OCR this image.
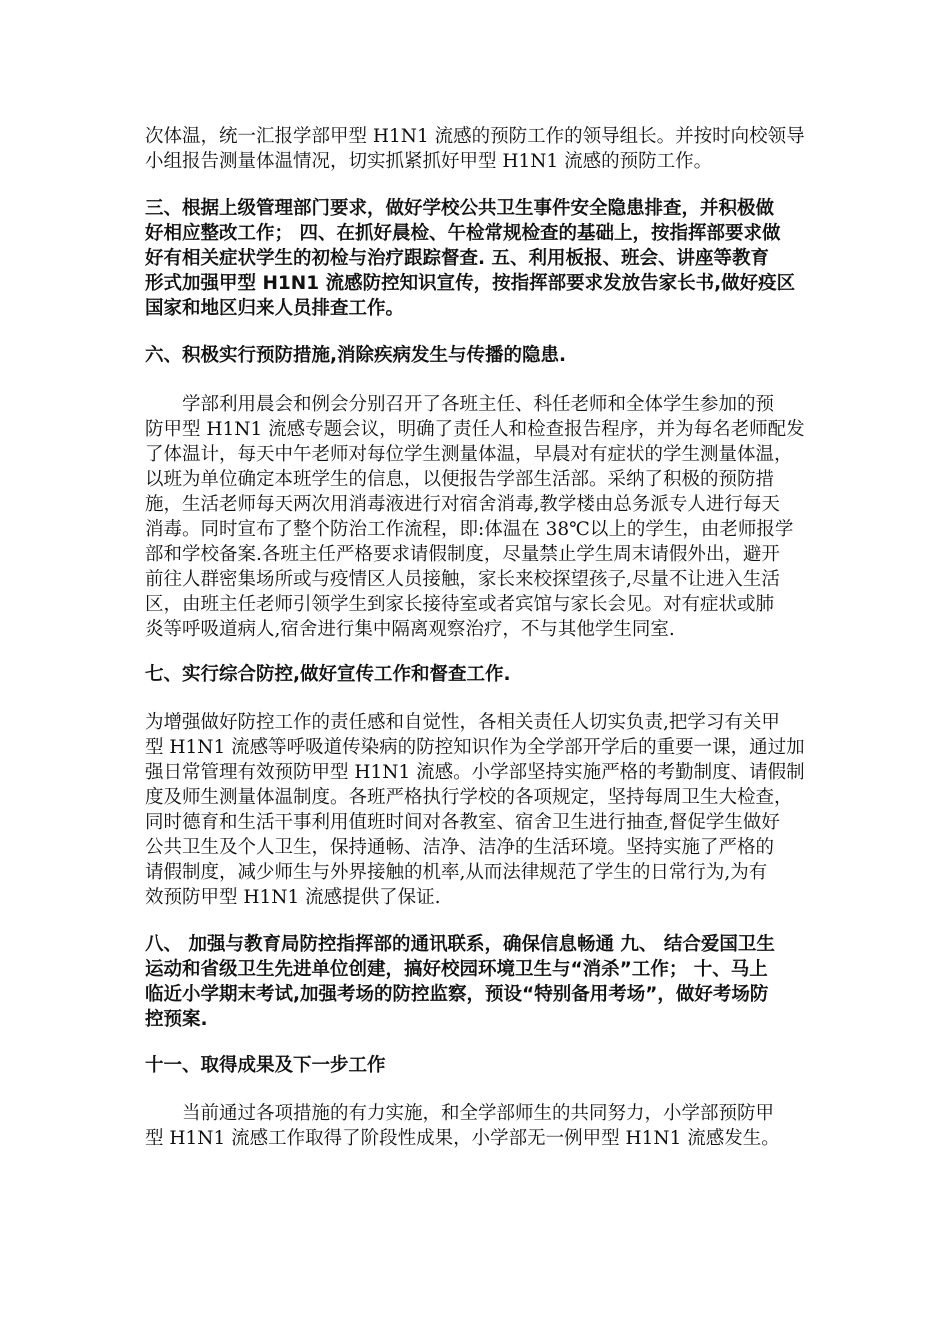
次体温，统一汇报学部甲型 H1N1 流感的预防工作的领导组长。并按时向校领导
小组报告测量体温情况，切实抓紧抓好甲型 H1N1 流感的预防工作。
三、根据上级管理部门要求，做好学校公共卫生事件安全隐患排查，并积极做
好相应整改工作； 四、在抓好晨检、午检常规检查的基础上，按指挥部要求做
好有相关症状学生的初检与治疗跟踪督查. 五、利用板报、班会、讲座等教育
形式加强甲型 H1N1 流感防控知识宣传，按指挥部要求发放告家长书,做好疫区
国家和地区归来人员排查工作。
六、积极实行预防措施,消除疾病发生与传播的隐患.
学部利用晨会和例会分别召开了各班主任、科任老师和全体学生参加的预
防甲型 H1N1 流感专题会议，明确了责任人和检查报告程序，并为每名老师配发
了体温计，每天中午老师对每位学生测量体温，早晨对有症状的学生测量体温，
以班为单位确定本班学生的信息，以便报告学部生活部。采纳了积极的预防措
施，生活老师每天两次用消毒液进行对宿舍消毒,教学楼由总务派专人进行每天
消毒。同时宣布了整个防治工作流程，即:体温在 38℃以上的学生，由老师报学
部和学校备案.各班主任严格要求请假制度，尽量禁止学生周末请假外出，避开
前往人群密集场所或与疫情区人员接触，家长来校探望孩子,尽量不让进入生活
区，由班主任老师引领学生到家长接待室或者宾馆与家长会见。对有症状或肺
炎等呼吸道病人,宿舍进行集中隔离观察治疗，不与其他学生同室.
七、实行综合防控,做好宣传工作和督查工作.
为增强做好防控工作的责任感和自觉性，各相关责任人切实负责,把学习有关甲
型 H1N1 流感等呼吸道传染病的防控知识作为全学部开学后的重要一课，通过加
强日常管理有效预防甲型 H1N1 流感。小学部坚持实施严格的考勤制度、请假制
度及师生测量体温制度。各班严格执行学校的各项规定，坚持每周卫生大检查，
同时德育和生活干事利用值班时间对各教室、宿舍卫生进行抽查,督促学生做好
公共卫生及个人卫生，保持通畅、洁净、洁净的生活环境。坚持实施了严格的
请假制度，减少师生与外界接触的机率,从而法律规范了学生的日常行为,为有
效预防甲型 H1N1 流感提供了保证.
八、 加强与教育局防控指挥部的通讯联系，确保信息畅通 九、 结合爱国卫生
运动和省级卫生先进单位创建，搞好校园环境卫生与“消杀”工作； 十、马上
临近小学期末考试,加强考场的防控监察，预设“特别备用考场”，做好考场防
控预案.
十一、取得成果及下一步工作
当前通过各项措施的有力实施，和全学部师生的共同努力，小学部预防甲
型 H1N1 流感工作取得了阶段性成果，小学部无一例甲型 H1N1 流感发生。
